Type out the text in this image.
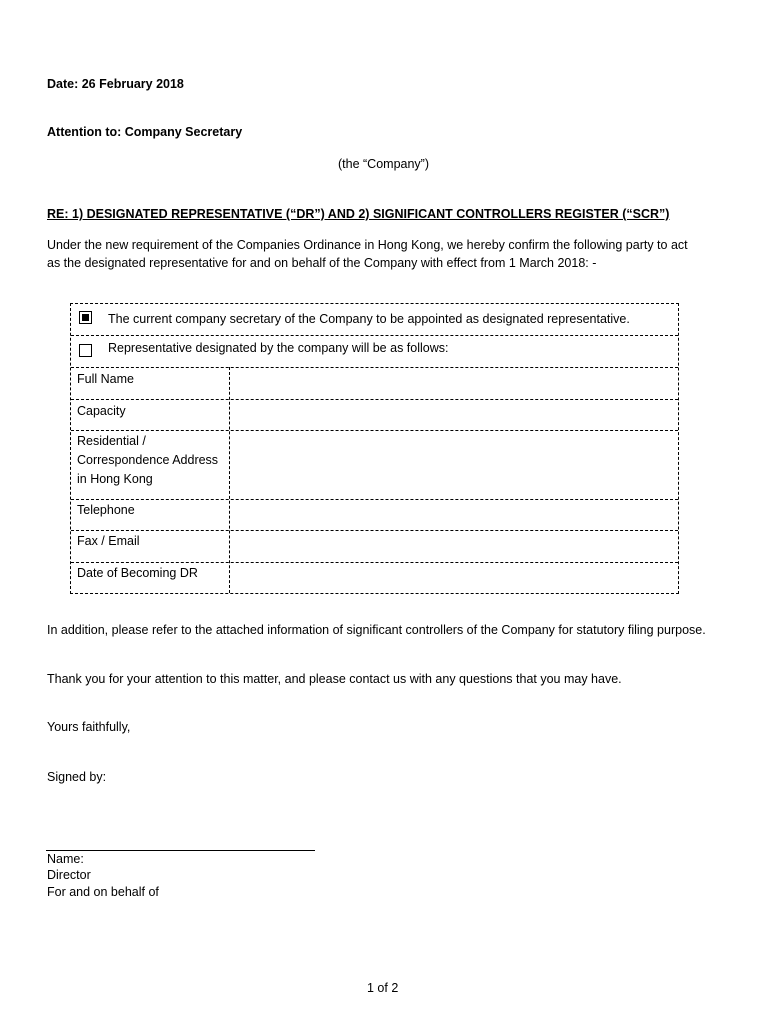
Date: 26 February 2018
Attention to: Company Secretary
(the “Company”)
RE: 1) DESIGNATED REPRESENTATIVE (“DR”) AND 2) SIGNIFICANT CONTROLLERS REGISTER (“SCR”)
Under the new requirement of the Companies Ordinance in Hong Kong, we hereby confirm the following party to act
as the designated representative for and on behalf of the Company with effect from 1 March 2018: -
The current company secretary of the Company to be appointed as designated representative.
Representative designated by the company will be as follows:
Full Name
Capacity
Residential /
Correspondence Address
in Hong Kong
Telephone
Fax / Email
Date of Becoming DR
In addition, please refer to the attached information of significant controllers of the Company for statutory filing purpose.
Thank you for your attention to this matter, and please contact us with any questions that you may have.
Yours faithfully,
Signed by:
Name:
Director
For and on behalf of
1 of 2
